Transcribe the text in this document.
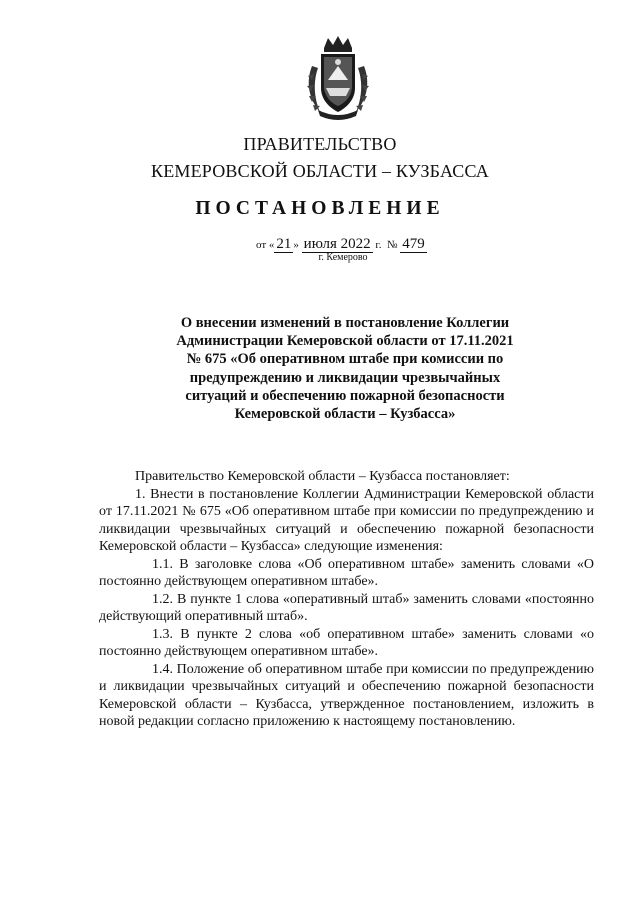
ПРАВИТЕЛЬСТВО
КЕМЕРОВСКОЙ ОБЛАСТИ – КУЗБАССА
ПОСТАНОВЛЕНИЕ
от « 21 » июля 2022 г. № 479
г. Кемерово
О внесении изменений в постановление Коллегии
Администрации Кемеровской области от 17.11.2021
№ 675 «Об оперативном штабе при комиссии по
предупреждению и ликвидации чрезвычайных
ситуаций и обеспечению пожарной безопасности
Кемеровской области – Кузбасса»

Правительство Кемеровской области – Кузбасса постановляет:

1. Внести в постановление Коллегии Администрации Кемеровской области от 17.11.2021 № 675 «Об оперативном штабе при комиссии по предупреждению и ликвидации чрезвычайных ситуаций и обеспечению пожарной безопасности Кемеровской области – Кузбасса» следующие изменения:

1.1. В заголовке слова «Об оперативном штабе» заменить словами «О постоянно действующем оперативном штабе».

1.2. В пункте 1 слова «оперативный штаб» заменить словами «постоянно действующий оперативный штаб».

1.3. В пункте 2 слова «об оперативном штабе» заменить словами «о постоянно действующем оперативном штабе».

1.4. Положение об оперативном штабе при комиссии по предупреждению и ликвидации чрезвычайных ситуаций и обеспечению пожарной безопасности Кемеровской области – Кузбасса, утвержденное постановлением, изложить в новой редакции согласно приложению к настоящему постановлению.
